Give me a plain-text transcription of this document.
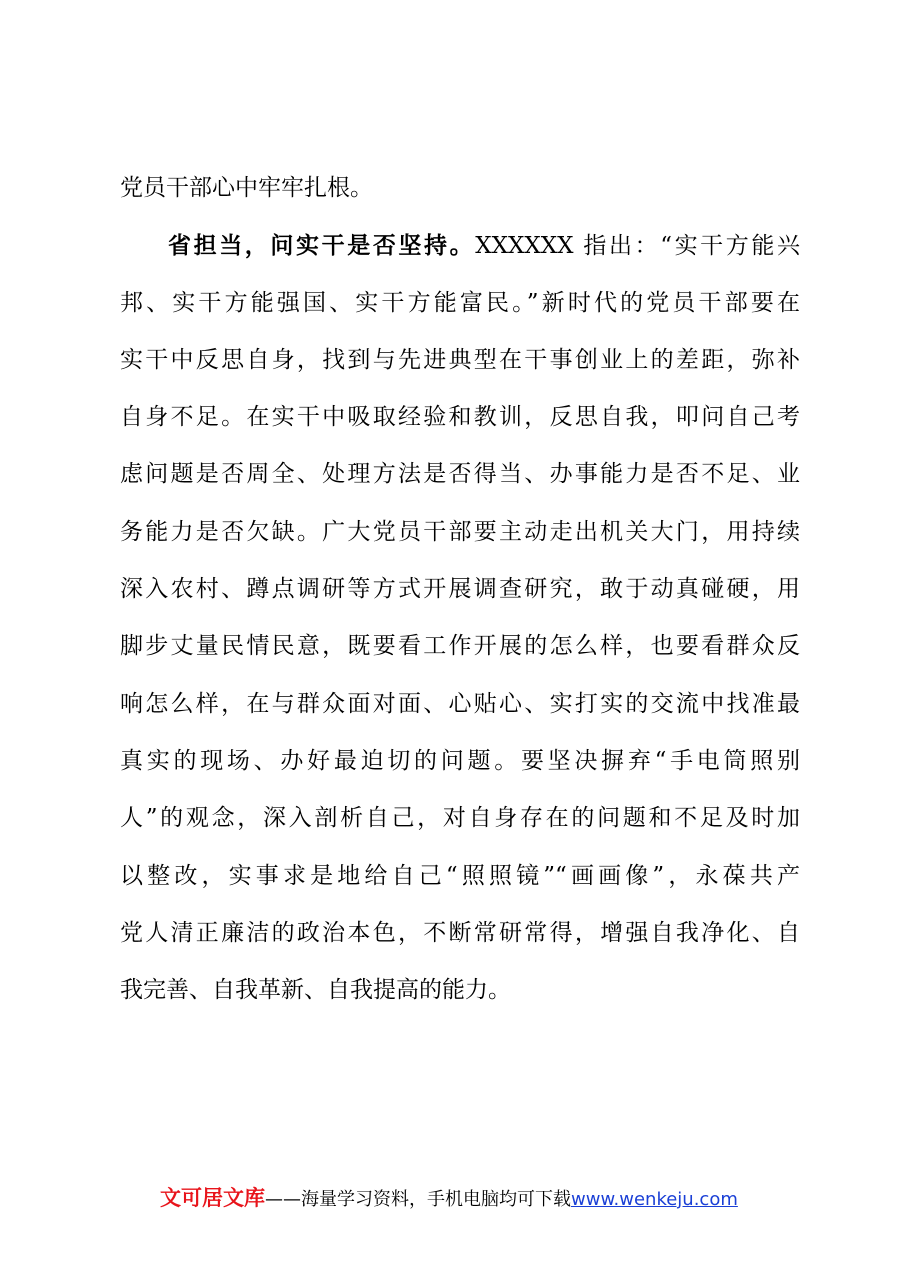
党员干部心中牢牢扎根。
省担当，问实干是否坚持。XXXXXX 指出：“实干方能兴
邦、实干方能强国、实干方能富民。”新时代的党员干部要在
实干中反思自身，找到与先进典型在干事创业上的差距，弥补
自身不足。在实干中吸取经验和教训，反思自我，叩问自己考
虑问题是否周全、处理方法是否得当、办事能力是否不足、业
务能力是否欠缺。广大党员干部要主动走出机关大门，用持续
深入农村、蹲点调研等方式开展调查研究，敢于动真碰硬，用
脚步丈量民情民意，既要看工作开展的怎么样，也要看群众反
响怎么样，在与群众面对面、心贴心、实打实的交流中找准最
真实的现场、办好最迫切的问题。要坚决摒弃“手电筒照别
人”的观念，深入剖析自己，对自身存在的问题和不足及时加
以整改，实事求是地给自己“照照镜”“画画像”，永葆共产
党人清正廉洁的政治本色，不断常研常得，增强自我净化、自
我完善、自我革新、自我提高的能力。
文可居文库——海量学习资料，手机电脑均可下载www.wenkeju.com
